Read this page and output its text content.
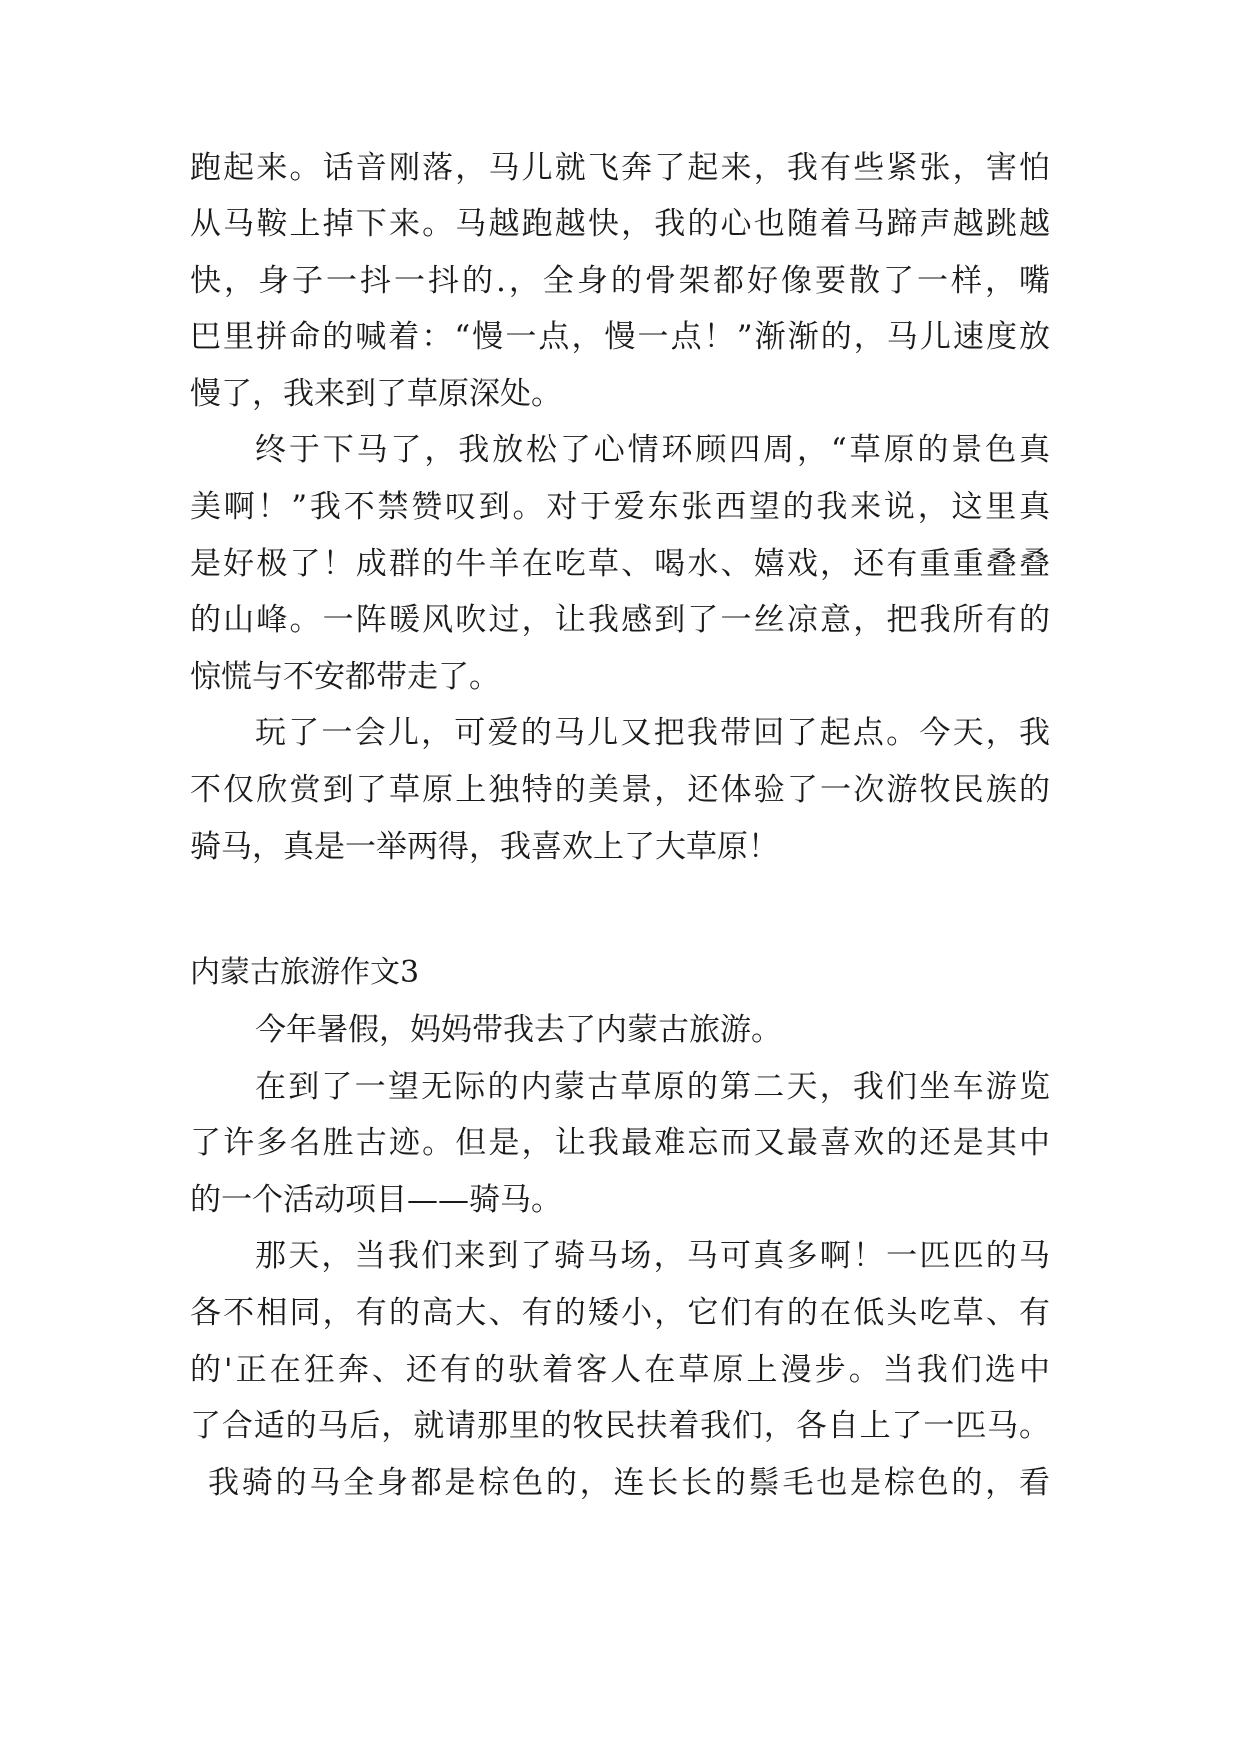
跑起来。话音刚落，马儿就飞奔了起来，我有些紧张，害怕
从马鞍上掉下来。马越跑越快，我的心也随着马蹄声越跳越
快，身子一抖一抖的.，全身的骨架都好像要散了一样，嘴
巴里拼命的喊着：“慢一点，慢一点！”渐渐的，马儿速度放
慢了，我来到了草原深处。
终于下马了，我放松了心情环顾四周，“草原的景色真
美啊！”我不禁赞叹到。对于爱东张西望的我来说，这里真
是好极了！成群的牛羊在吃草、喝水、嬉戏，还有重重叠叠
的山峰。一阵暖风吹过，让我感到了一丝凉意，把我所有的
惊慌与不安都带走了。
玩了一会儿，可爱的马儿又把我带回了起点。今天，我
不仅欣赏到了草原上独特的美景，还体验了一次游牧民族的
骑马，真是一举两得，我喜欢上了大草原！
内蒙古旅游作文3
今年暑假，妈妈带我去了内蒙古旅游。
在到了一望无际的内蒙古草原的第二天，我们坐车游览
了许多名胜古迹。但是，让我最难忘而又最喜欢的还是其中
的一个活动项目——骑马。
那天，当我们来到了骑马场，马可真多啊！一匹匹的马
各不相同，有的高大、有的矮小，它们有的在低头吃草、有
的'正在狂奔、还有的驮着客人在草原上漫步。当我们选中
了合适的马后，就请那里的牧民扶着我们，各自上了一匹马。
我骑的马全身都是棕色的，连长长的鬃毛也是棕色的，看
